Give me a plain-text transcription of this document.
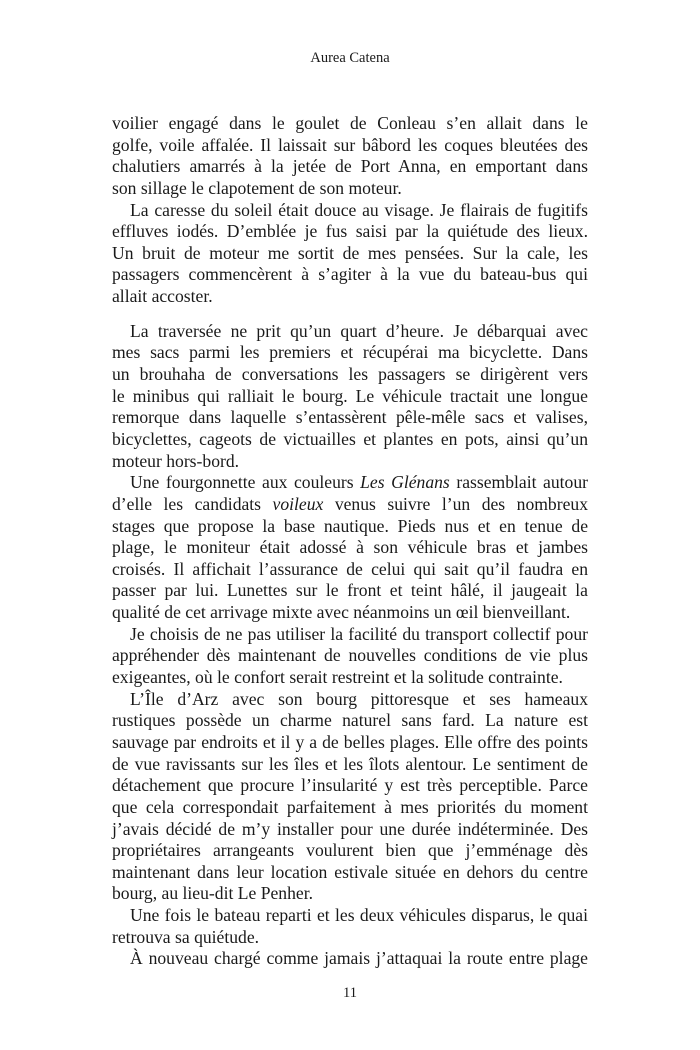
Aurea Catena
voilier engagé dans le goulet de Conleau s’en allait dans le
golfe, voile affalée. Il laissait sur bâbord les coques bleutées des
chalutiers amarrés à la jetée de Port Anna, en emportant dans
son sillage le clapotement de son moteur.
La caresse du soleil était douce au visage. Je flairais de fugitifs
effluves iodés. D’emblée je fus saisi par la quiétude des lieux.
Un bruit de moteur me sortit de mes pensées. Sur la cale, les
passagers commencèrent à s’agiter à la vue du bateau-bus qui
allait accoster.
La traversée ne prit qu’un quart d’heure. Je débarquai avec
mes sacs parmi les premiers et récupérai ma bicyclette. Dans
un brouhaha de conversations les passagers se dirigèrent vers
le minibus qui ralliait le bourg. Le véhicule tractait une longue
remorque dans laquelle s’entassèrent pêle-mêle sacs et valises,
bicyclettes, cageots de victuailles et plantes en pots, ainsi qu’un
moteur hors-bord.
Une fourgonnette aux couleurs Les Glénans rassemblait autour
d’elle les candidats voileux venus suivre l’un des nombreux
stages que propose la base nautique. Pieds nus et en tenue de
plage, le moniteur était adossé à son véhicule bras et jambes
croisés. Il affichait l’assurance de celui qui sait qu’il faudra en
passer par lui. Lunettes sur le front et teint hâlé, il jaugeait la
qualité de cet arrivage mixte avec néanmoins un œil bienveillant.
Je choisis de ne pas utiliser la facilité du transport collectif pour
appréhender dès maintenant de nouvelles conditions de vie plus
exigeantes, où le confort serait restreint et la solitude contrainte.
L’Île d’Arz avec son bourg pittoresque et ses hameaux
rustiques possède un charme naturel sans fard. La nature est
sauvage par endroits et il y a de belles plages. Elle offre des points
de vue ravissants sur les îles et les îlots alentour. Le sentiment de
détachement que procure l’insularité y est très perceptible. Parce
que cela correspondait parfaitement à mes priorités du moment
j’avais décidé de m’y installer pour une durée indéterminée. Des
propriétaires arrangeants voulurent bien que j’emménage dès
maintenant dans leur location estivale située en dehors du centre
bourg, au lieu-dit Le Penher.
Une fois le bateau reparti et les deux véhicules disparus, le quai
retrouva sa quiétude.
À nouveau chargé comme jamais j’attaquai la route entre plage
11
